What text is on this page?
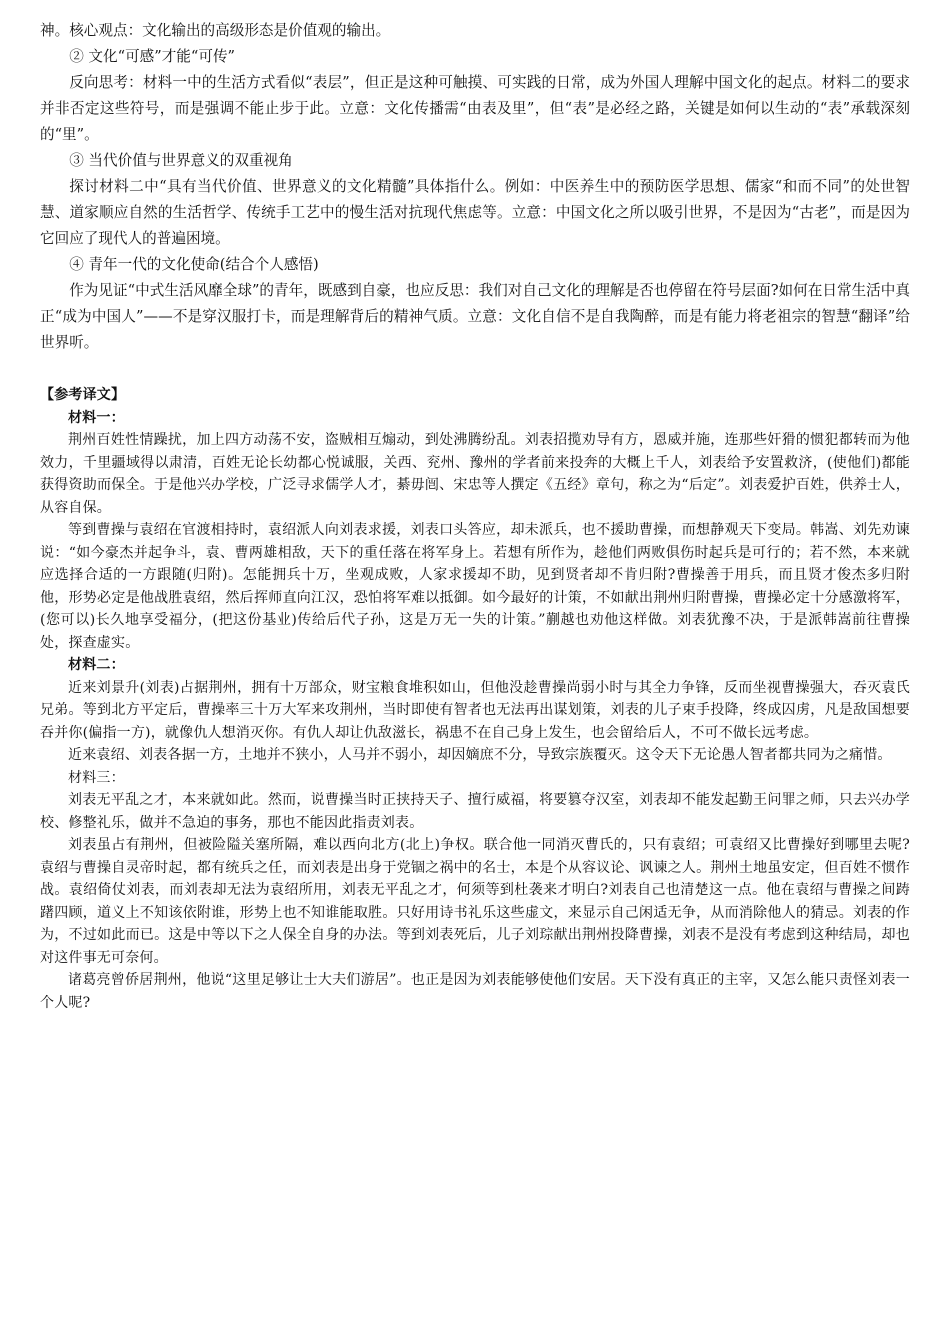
神。核心观点：文化输出的高级形态是价值观的输出。

② 文化“可感”才能“可传”

反向思考：材料一中的生活方式看似“表层”，但正是这种可触摸、可实践的日常，成为外国人理解中国文化的起点。材料二的要求并非否定这些符号，而是强调不能止步于此。立意：文化传播需“由表及里”，但“表”是必经之路，关键是如何以生动的“表”承载深刻的“里”。

③ 当代价值与世界意义的双重视角

探讨材料二中“具有当代价值、世界意义的文化精髓”具体指什么。例如：中医养生中的预防医学思想、儒家“和而不同”的处世智慧、道家顺应自然的生活哲学、传统手工艺中的慢生活对抗现代焦虑等。立意：中国文化之所以吸引世界，不是因为“古老”，而是因为它回应了现代人的普遍困境。

④ 青年一代的文化使命(结合个人感悟)

作为见证“中式生活风靡全球”的青年，既感到自豪，也应反思：我们对自己文化的理解是否也停留在符号层面?如何在日常生活中真正“成为中国人”——不是穿汉服打卡，而是理解背后的精神气质。立意：文化自信不是自我陶醉，而是有能力将老祖宗的智慧“翻译”给世界听。

【参考译文】

材料一：

荆州百姓性情躁扰，加上四方动荡不安，盗贼相互煽动，到处沸腾纷乱。刘表招揽劝导有方，恩威并施，连那些奸猾的惯犯都转而为他效力，千里疆域得以肃清，百姓无论长幼都心悦诚服，关西、兖州、豫州的学者前来投奔的大概上千人，刘表给予安置救济，(使他们)都能获得资助而保全。于是他兴办学校，广泛寻求儒学人才，綦毋闿、宋忠等人撰定《五经》章句，称之为“后定”。刘表爱护百姓，供养士人，从容自保。

等到曹操与袁绍在官渡相持时，袁绍派人向刘表求援，刘表口头答应，却未派兵，也不援助曹操，而想静观天下变局。韩嵩、刘先劝谏说：“如今豪杰并起争斗，袁、曹两雄相敌，天下的重任落在将军身上。若想有所作为，趁他们两败俱伤时起兵是可行的；若不然，本来就应选择合适的一方跟随(归附)。怎能拥兵十万，坐观成败，人家求援却不助，见到贤者却不肯归附?曹操善于用兵，而且贤才俊杰多归附他，形势必定是他战胜袁绍，然后挥师直向江汉，恐怕将军难以抵御。如今最好的计策，不如献出荆州归附曹操，曹操必定十分感激将军，(您可以)长久地享受福分，(把这份基业)传给后代子孙，这是万无一失的计策。”蒯越也劝他这样做。刘表犹豫不决，于是派韩嵩前往曹操处，探查虚实。

材料二：

近来刘景升(刘表)占据荆州，拥有十万部众，财宝粮食堆积如山，但他没趁曹操尚弱小时与其全力争锋，反而坐视曹操强大，吞灭袁氏兄弟。等到北方平定后，曹操率三十万大军来攻荆州，当时即使有智者也无法再出谋划策，刘表的儿子束手投降，终成囚虏，凡是敌国想要吞并你(偏指一方)，就像仇人想消灭你。有仇人却让仇敌滋长，祸患不在自己身上发生，也会留给后人，不可不做长远考虑。

近来袁绍、刘表各据一方，土地并不狭小，人马并不弱小，却因嫡庶不分，导致宗族覆灭。这令天下无论愚人智者都共同为之痛惜。

材料三：

刘表无平乱之才，本来就如此。然而，说曹操当时正挟持天子、擅行威福，将要篡夺汉室，刘表却不能发起勤王问罪之师，只去兴办学校、修整礼乐，做并不急迫的事务，那也不能因此指责刘表。

刘表虽占有荆州，但被险隘关塞所隔，难以西向北方(北上)争权。联合他一同消灭曹氏的，只有袁绍；可袁绍又比曹操好到哪里去呢?袁绍与曹操自灵帝时起，都有统兵之任，而刘表是出身于党锢之祸中的名士，本是个从容议论、讽谏之人。荆州土地虽安定，但百姓不惯作战。袁绍倚仗刘表，而刘表却无法为袁绍所用，刘表无平乱之才，何须等到杜袭来才明白?刘表自己也清楚这一点。他在袁绍与曹操之间踌躇四顾，道义上不知该依附谁，形势上也不知谁能取胜。只好用诗书礼乐这些虚文，来显示自己闲适无争，从而消除他人的猜忌。刘表的作为，不过如此而已。这是中等以下之人保全自身的办法。等到刘表死后，儿子刘琮献出荆州投降曹操，刘表不是没有考虑到这种结局，却也对这件事无可奈何。

诸葛亮曾侨居荆州，他说“这里足够让士大夫们游居”。也正是因为刘表能够使他们安居。天下没有真正的主宰，又怎么能只责怪刘表一个人呢?
